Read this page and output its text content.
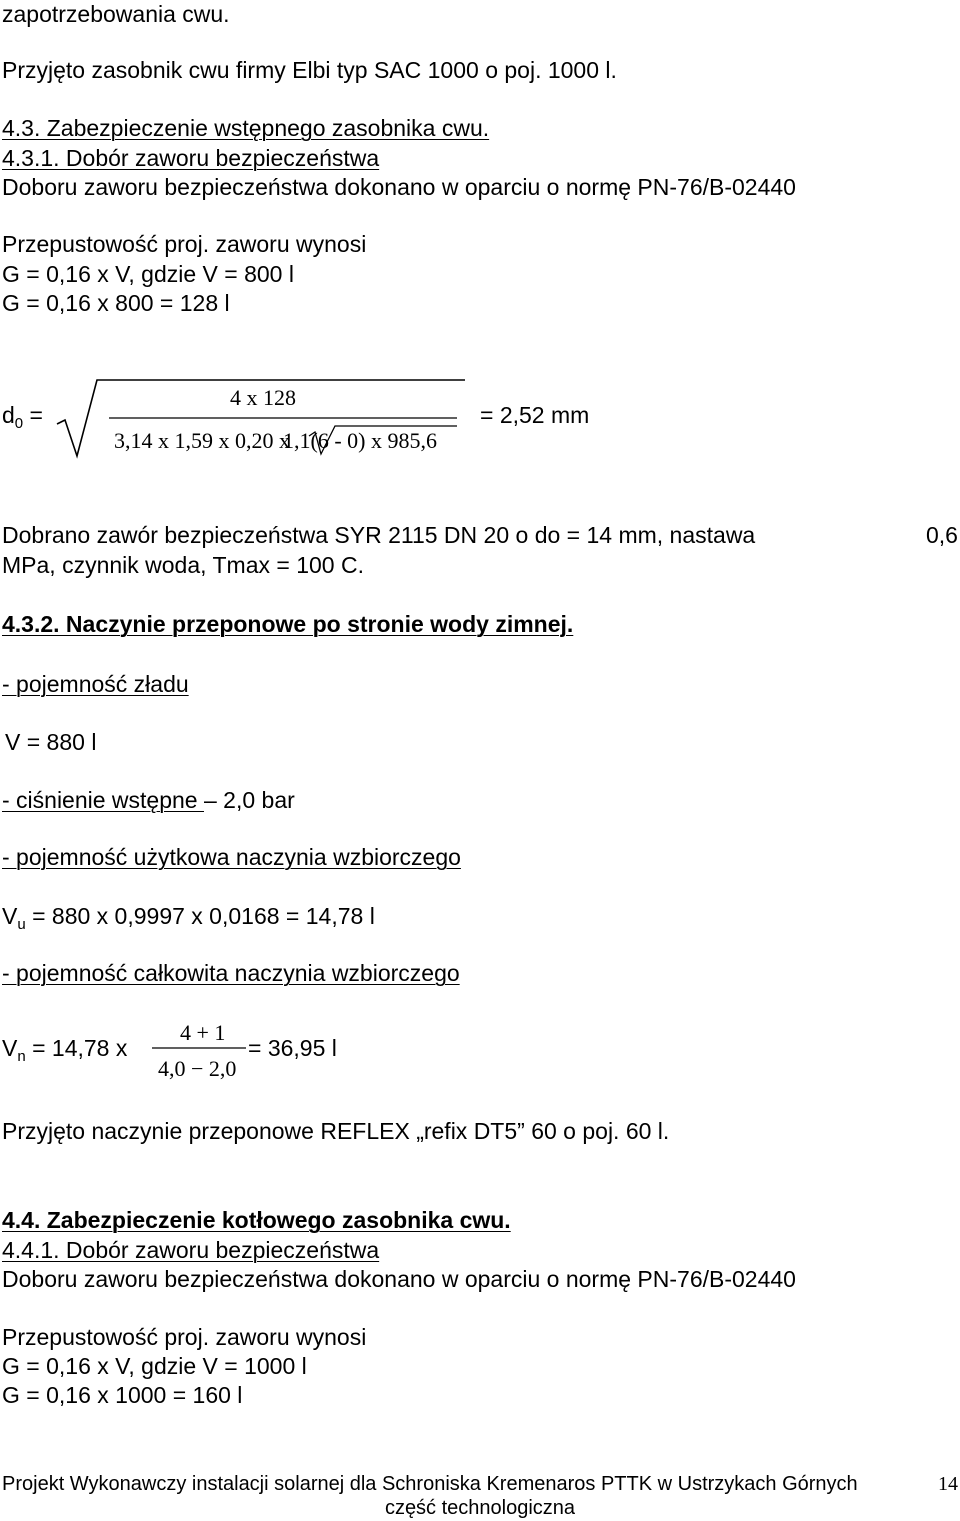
zapotrzebowania cwu.
Przyjęto zasobnik cwu firmy Elbi typ SAC 1000 o poj. 1000 l.
4.3. Zabezpieczenie wstępnego zasobnika cwu.
4.3.1. Dobór zaworu bezpieczeństwa
Doboru zaworu bezpieczeństwa dokonano w oparciu o normę PN-76/B-02440
Przepustowość proj. zaworu wynosi
G = 0,16 x V, gdzie V = 800 l
G = 0,16 x 800 = 128 l
$d_0$ =
4 x 128
3,14 x 1,59 x 0,20 x
1,1(6 - 0) x 985,6
= 2,52 mm
Dobrano zawór bezpieczeństwa SYR 2115 DN 20 o do = 14 mm, nastawa	0,6
MPa, czynnik woda, Tmax = 100 C.
4.3.2. Naczynie przeponowe po stronie wody zimnej.
- pojemność zładu
V = 880 l
- ciśnienie wstępne – 2,0 bar
- pojemność użytkowa naczynia wzbiorczego
$V_u = 880$ x 0,9997 x 0,0168 = 14,78 l
- pojemność całkowita naczynia wzbiorczego
$V_n = 14,78$ x
4 + 1
4,0 − 2,0
= 36,95 l
Przyjęto naczynie przeponowe REFLEX „refix DT5” 60 o poj. 60 l.
4.4. Zabezpieczenie kotłowego zasobnika cwu.
4.4.1. Dobór zaworu bezpieczeństwa
Doboru zaworu bezpieczeństwa dokonano w oparciu o normę PN-76/B-02440
Przepustowość proj. zaworu wynosi
G = 0,16 x V, gdzie V = 1000 l
G = 0,16 x 1000 = 160 l
Projekt Wykonawczy instalacji solarnej dla Schroniska Kremenaros PTTK w Ustrzykach Górnych	14
część technologiczna
